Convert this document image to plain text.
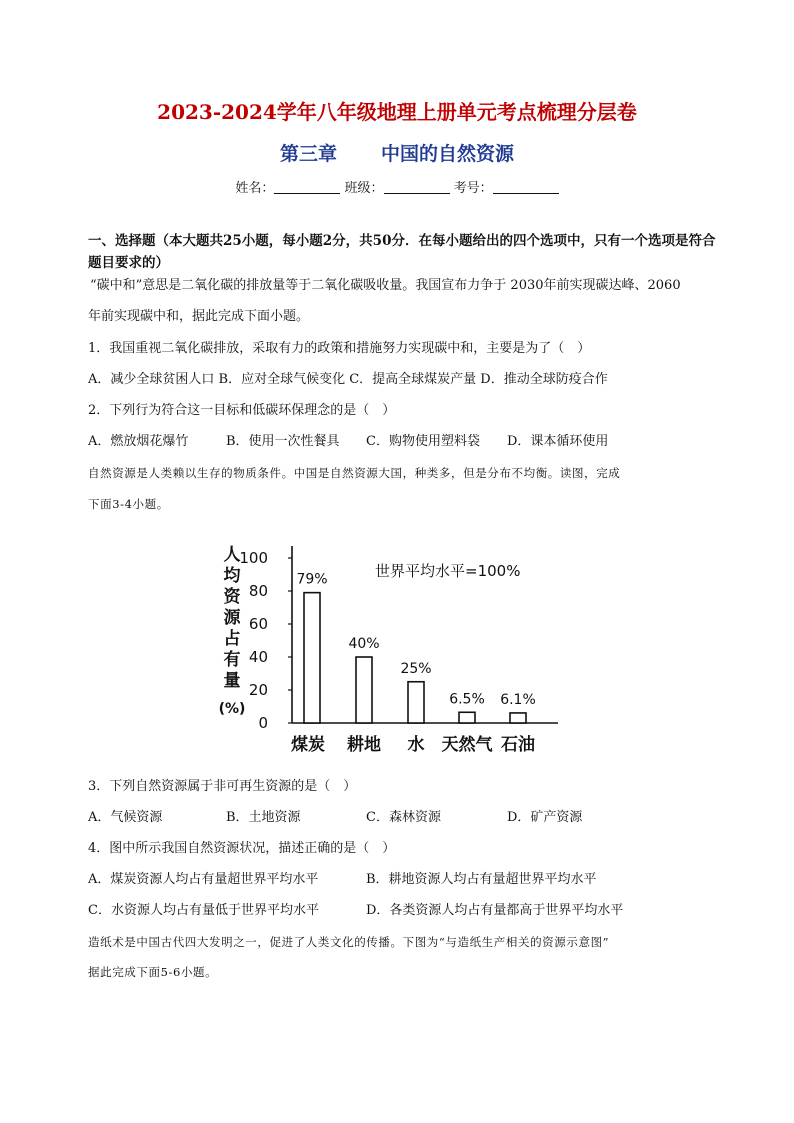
2023-2024学年八年级地理上册单元考点梳理分层卷
第三章 中国的自然资源
姓名：	班级：	考号：
一、选择题（本大题共25小题，每小题2分，共50分．在每小题给出的四个选项中，只有一个选项是符合题目要求的）
“碳中和”意思是二氧化碳的排放量等于二氧化碳吸收量。我国宣布力争于 2030年前实现碳达峰、2060
年前实现碳中和，据此完成下面小题。
1．我国重视二氧化碳排放，采取有力的政策和措施努力实现碳中和，主要是为了（　）
A．减少全球贫困人口 B．应对全球气候变化 C．提高全球煤炭产量 D．推动全球防疫合作
2．下列行为符合这一目标和低碳环保理念的是（　）
A．燃放烟花爆竹	B．使用一次性餐具 C．购物使用塑料袋 D．课本循环使用
自然资源是人类赖以生存的物质条件。中国是自然资源大国，种类多，但是分布不均衡。读图，完成
下面3-4小题。
人
均
资
源
占
有
量
(%)
0
20
40
60
80
100
79%
煤炭
40%
耕地
25%
水
6.5%
天然气
6.1%
石油
世界平均水平=100%
3．下列自然资源属于非可再生资源的是（　）
A．气候资源	B．土地资源	C．森林资源	D．矿产资源
4．图中所示我国自然资源状况，描述正确的是（　）
A．煤炭资源人均占有量超世界平均水平	B．耕地资源人均占有量超世界平均水平
C．水资源人均占有量低于世界平均水平	D．各类资源人均占有量都高于世界平均水平
造纸术是中国古代四大发明之一，促进了人类文化的传播。下图为“与造纸生产相关的资源示意图”
据此完成下面5-6小题。
